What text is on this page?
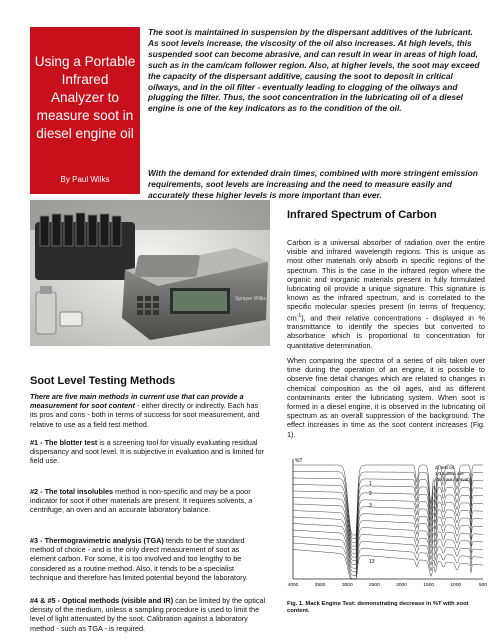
Using a Portable Infrared Analyzer to measure soot in diesel engine oil
By Paul Wilks
The soot is maintained in suspension by the dispersant additives of the lubricant. As soot levels increase, the viscosity of the oil also increases. At high levels, this suspended soot can become abrasive, and can result in wear in areas of high load, such as in the cam/cam follower region. Also, at higher levels, the soot may exceed the capacity of the dispersant additive, causing the soot to deposit in critical oilways, and in the oil filter - eventually leading to clogging of the oilways and plugging the filter. Thus, the soot concentration in the lubricating oil of a diesel engine is one of the key indicators as to the condition of the oil.
With the demand for extended drain times, combined with more stringent emission requirements, soot levels are increasing and the need to measure easily and accurately these higher levels is more important than ever.
Sprayer Wilks
Soot Level Testing Methods
There are five main methods in current use that can provide a measurement for soot content - either directly or indirectly. Each has its pros and cons - both in terms of success for soot measurement, and relative to use as a field test method.
#1 - The blotter test is a screening tool for visually evaluating residual dispersancy and soot level. It is subjective in evaluation and is limited for field use.
#2 - The total insolubles method is non-specific and may be a poor indicator for soot if other materials are present. It requires solvents, a centrifuge, an oven and an accurate laboratory balance.
#3 - Thermogravimetric analysis (TGA) tends to be the standard method of choice - and is the only direct measurement of soot as element carbon. For some, it is too involved and too lengthy to be considered as a routine method. Also, it tends to be a specialist technique and therefore has limited potential beyond the laboratory.
#4 & #5 - Optical methods (visible and IR) can be limited by the optical density of the medium, unless a sampling procedure is used to limit the level of light attenuated by the soot. Calibration against a laboratory method - such as TGA - is required.
Infrared Spectrum of Carbon
Carbon is a universal absorber of radiation over the entire visible and infrared wavelength regions. This is unique as most other materials only absorb in specific regions of the spectrum. This is the case in the infrared region where the organic and inorganic materials present in fully formulated lubricating oil provide a unique signature. This signature is known as the infrared spectrum, and is correlated to the specific molecular species present (in terms of frequency, $cm^{-1}$), and their relative concentrations - displayed in % transmittance to identify the species but converted to absorbance which is proportional to concentration for quantitative determination.
When comparing the spectra of a series of oils taken over time during the operation of an engine, it is possible to observe fine detail changes which are related to changes in chemical composition as the oil ages, and as different contaminants enter the lubricating system. When soot is formed in a diesel engine, it is observed in the lubricating oil spectrum as an overall suppression of the background. The effect increases in time as the soot content increases (Fig. 1).
%T
4000	3500	3000	2500	2000	1500	1000	500
1
2
3
13
2) test oil
1-13 used oils
(48 hour interval)
Fig. 1. Mack Engine Test: demonstrating decrease in %T with soot content.
